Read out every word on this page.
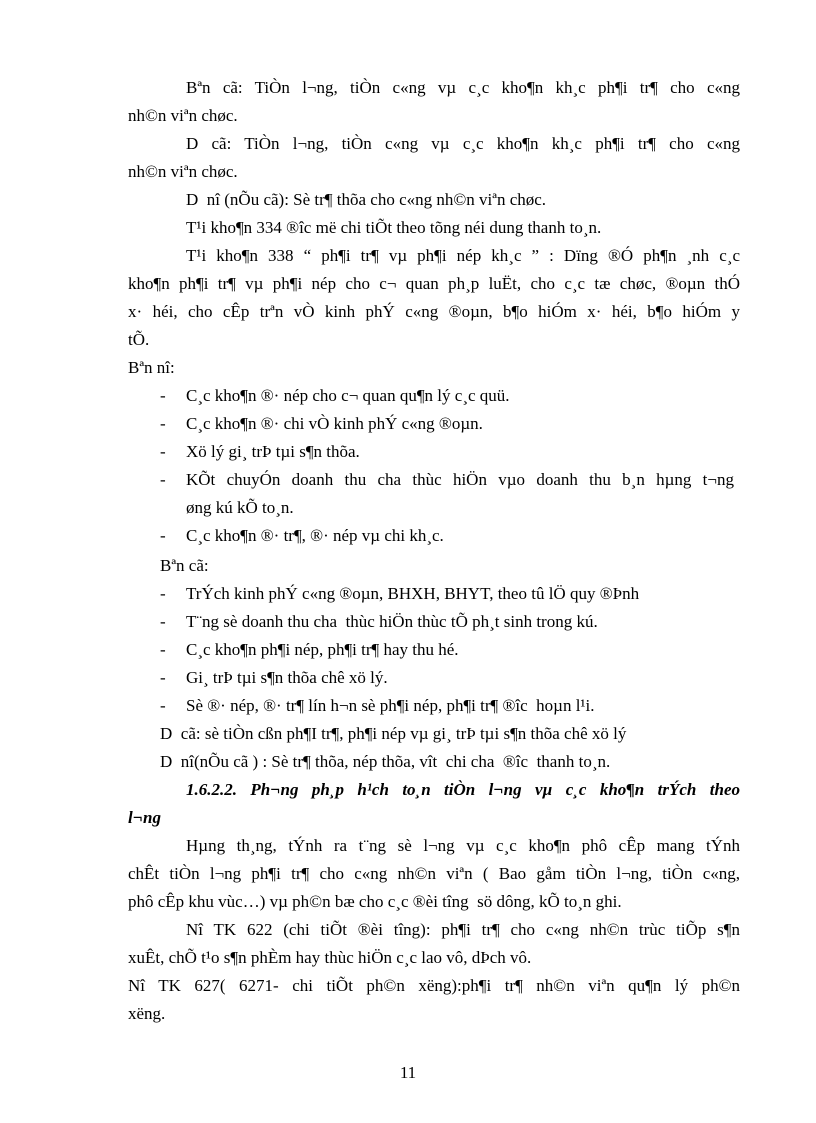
Bªn cã: TiÒn l¬ng, tiÒn c«ng vµ c¸c kho¶n kh¸c ph¶i tr¶ cho c«ng
nh©n viªn chøc.
D cã: TiÒn l¬ng, tiÒn c«ng vµ c¸c kho¶n kh¸c ph¶i tr¶ cho c«ng
nh©n viªn chøc.
D  nî (nÕu cã): Sè tr¶ thõa cho c«ng nh©n viªn chøc.
T¹i kho¶n 334 ®îc më chi tiÕt theo tõng néi dung thanh to¸n.
T¹i kho¶n 338 “ ph¶i tr¶ vµ ph¶i nép kh¸c ” : Dïng ®Ó ph¶n ¸nh c¸c
kho¶n ph¶i tr¶ vµ ph¶i nép cho c¬ quan ph¸p luËt, cho c¸c tæ chøc, ®oµn thÓ
x· héi, cho cÊp trªn vÒ kinh phÝ c«ng ®oµn, b¶o hiÓm x· héi, b¶o hiÓm y
tÕ.
Bªn nî:
- C¸c kho¶n ®· nép cho c¬ quan qu¶n lý c¸c quü.
- C¸c kho¶n ®· chi vÒ kinh phÝ c«ng ®oµn.
- Xö lý gi¸ trÞ tµi s¶n thõa.
- KÕt chuyÓn doanh thu cha thùc hiÖn vµo doanh thu b¸n hµng t¬ng
øng kú kÕ to¸n.
- C¸c kho¶n ®· tr¶, ®· nép vµ chi kh¸c.
Bªn cã:
- TrÝch kinh phÝ c«ng ®oµn, BHXH, BHYT, theo tû lÖ quy ®Þnh
- T¨ng sè doanh thu cha  thùc hiÖn thùc tÕ ph¸t sinh trong kú.
- C¸c kho¶n ph¶i nép, ph¶i tr¶ hay thu hé.
- Gi¸ trÞ tµi s¶n thõa chê xö lý.
- Sè ®· nép, ®· tr¶ lín h¬n sè ph¶i nép, ph¶i tr¶ ®îc  hoµn l¹i.
D  cã: sè tiÒn cßn ph¶I tr¶, ph¶i nép vµ gi¸ trÞ tµi s¶n thõa chê xö lý
D  nî(nÕu cã ) : Sè tr¶ thõa, nép thõa, vît  chi cha  ®îc  thanh to¸n.
1.6.2.2. Ph¬ng ph¸p h¹ch to¸n tiÒn l¬ng vµ c¸c kho¶n trÝch theo
l¬ng
Hµng th¸ng, tÝnh ra t¨ng sè l¬ng vµ c¸c kho¶n phô cÊp mang tÝnh
chÊt tiÒn l¬ng ph¶i tr¶ cho c«ng nh©n viªn ( Bao gåm tiÒn l¬ng, tiÒn c«ng,
phô cÊp khu vùc…) vµ ph©n bæ cho c¸c ®èi tîng  sö dông, kÕ to¸n ghi.
Nî TK 622 (chi tiÕt ®èi tîng): ph¶i tr¶ cho c«ng nh©n trùc tiÕp s¶n
xuÊt, chÕ t¹o s¶n phÈm hay thùc hiÖn c¸c lao vô, dÞch vô.
Nî TK 627( 6271- chi tiÕt ph©n xëng):ph¶i tr¶ nh©n viªn qu¶n lý ph©n
xëng.
11
